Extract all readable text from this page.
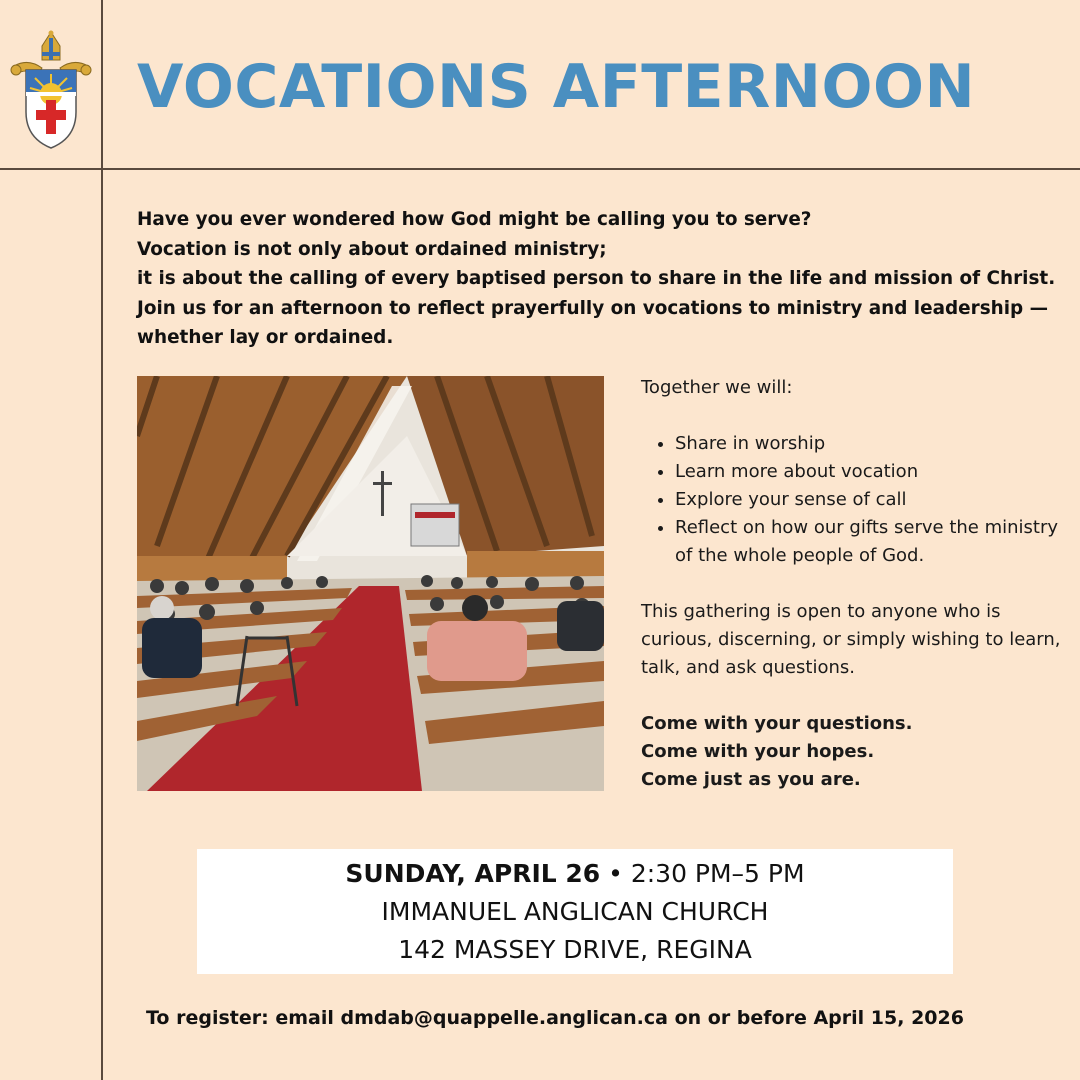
VOCATIONS AFTERNOON
Have you ever wondered how God might be calling you to serve?
Vocation is not only about ordained ministry;
it is about the calling of every baptised person to share in the life and mission of Christ.
Join us for an afternoon to reflect prayerfully on vocations to ministry and leadership —
whether lay or ordained.

Together we will:

• Share in worship
• Learn more about vocation
• Explore your sense of call
• Reflect on how our gifts serve the ministry of the whole people of God.

This gathering is open to anyone who is curious, discerning, or simply wishing to learn, talk, and ask questions.

Come with your questions.
Come with your hopes.
Come just as you are.
SUNDAY, APRIL 26 • 2:30 PM–5 PM
IMMANUEL ANGLICAN CHURCH
142 MASSEY DRIVE, REGINA
To register: email dmdab@quappelle.anglican.ca on or before April 15, 2026
